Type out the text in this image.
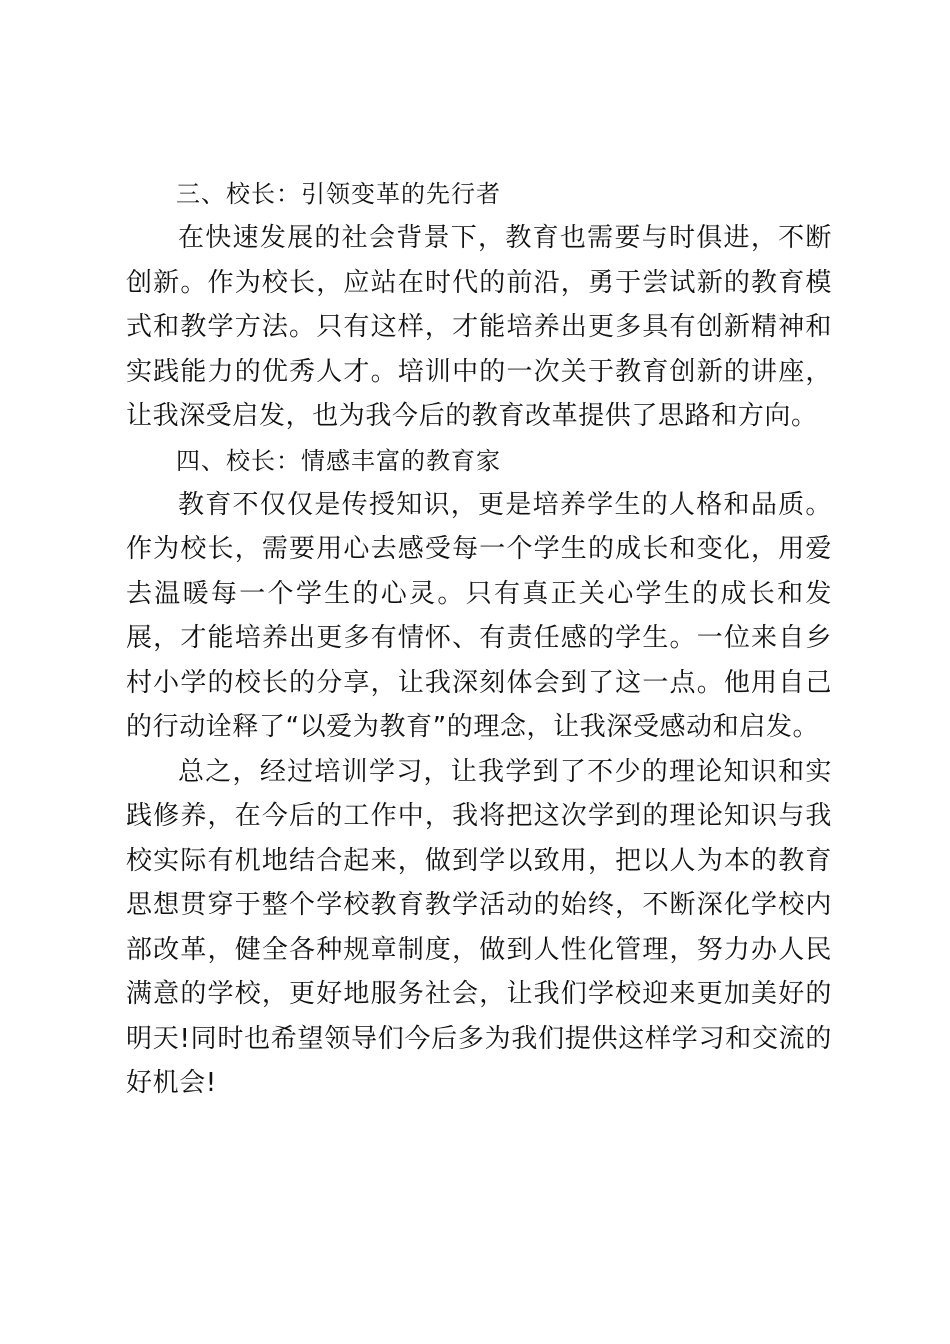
三、校长：引领变革的先行者

在快速发展的社会背景下，教育也需要与时俱进，不断创新。作为校长，应站在时代的前沿，勇于尝试新的教育模式和教学方法。只有这样，才能培养出更多具有创新精神和实践能力的优秀人才。培训中的一次关于教育创新的讲座，让我深受启发，也为我今后的教育改革提供了思路和方向。

四、校长：情感丰富的教育家

教育不仅仅是传授知识，更是培养学生的人格和品质。作为校长，需要用心去感受每一个学生的成长和变化，用爱去温暖每一个学生的心灵。只有真正关心学生的成长和发展，才能培养出更多有情怀、有责任感的学生。一位来自乡村小学的校长的分享，让我深刻体会到了这一点。他用自己的行动诠释了“以爱为教育”的理念，让我深受感动和启发。

总之，经过培训学习，让我学到了不少的理论知识和实践修养，在今后的工作中，我将把这次学到的理论知识与我校实际有机地结合起来，做到学以致用，把以人为本的教育思想贯穿于整个学校教育教学活动的始终，不断深化学校内部改革，健全各种规章制度，做到人性化管理，努力办人民满意的学校，更好地服务社会，让我们学校迎来更加美好的明天!同时也希望领导们今后多为我们提供这样学习和交流的好机会!
